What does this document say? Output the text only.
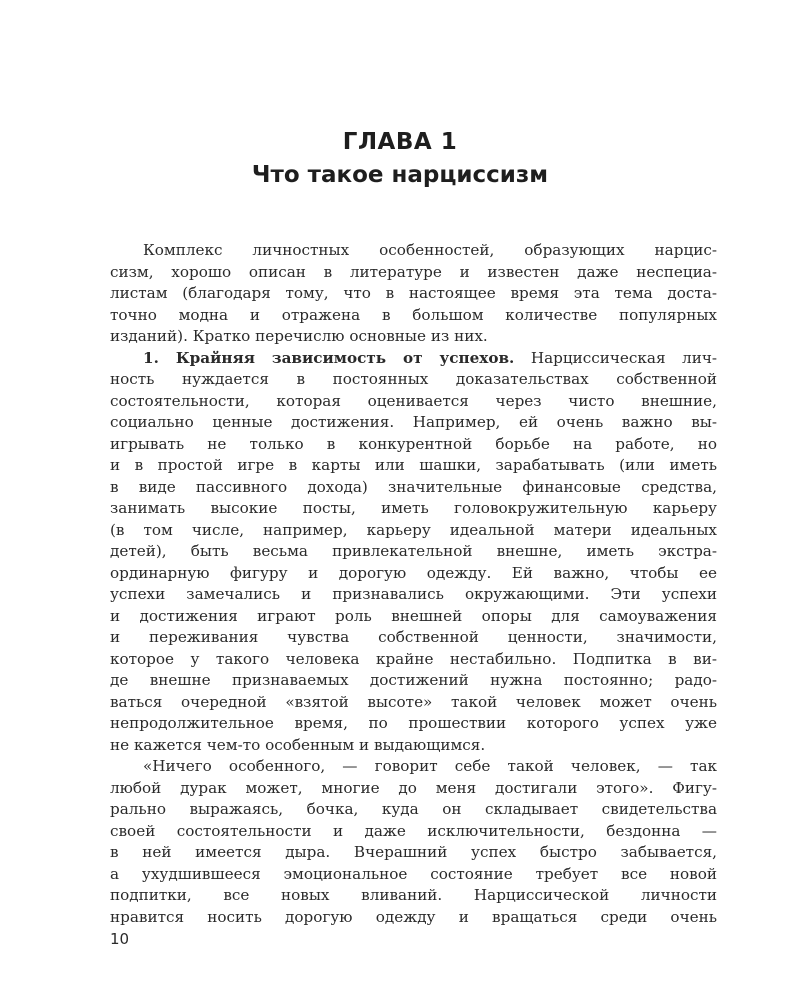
ГЛАВА 1
Что такое нарциссизм

Комплекс личностных особенностей, образующих нарцис-
сизм, хорошо описан в литературе и известен даже неспециа-
листам (благодаря тому, что в настоящее время эта тема доста-
точно модна и отражена в большом количестве популярных
изданий). Кратко перечислю основные из них.

1. Крайняя зависимость от успехов. Нарциссическая лич-
ность нуждается в постоянных доказательствах собственной
состоятельности, которая оценивается через чисто внешние,
социально ценные достижения. Например, ей очень важно вы-
игрывать не только в конкурентной борьбе на работе, но
и в простой игре в карты или шашки, зарабатывать (или иметь
в виде пассивного дохода) значительные финансовые средства,
занимать высокие посты, иметь головокружительную карьеру
(в том числе, например, карьеру идеальной матери идеальных
детей), быть весьма привлекательной внешне, иметь экстра-
ординарную фигуру и дорогую одежду. Ей важно, чтобы ее
успехи замечались и признавались окружающими. Эти успехи
и достижения играют роль внешней опоры для самоуважения
и переживания чувства собственной ценности, значимости,
которое у такого человека крайне нестабильно. Подпитка в ви-
де внешне признаваемых достижений нужна постоянно; радо-
ваться очередной «взятой высоте» такой человек может очень
непродолжительное время, по прошествии которого успех уже
не кажется чем-то особенным и выдающимся.

«Ничего особенного, — говорит себе такой человек, — так
любой дурак может, многие до меня достигали этого». Фигу-
рально выражаясь, бочка, куда он складывает свидетельства
своей состоятельности и даже исключительности, бездонна —
в ней имеется дыра. Вчерашний успех быстро забывается,
а ухудшившееся эмоциональное состояние требует все новой
подпитки, все новых вливаний. Нарциссической личности
нравится носить дорогую одежду и вращаться среди очень

10
